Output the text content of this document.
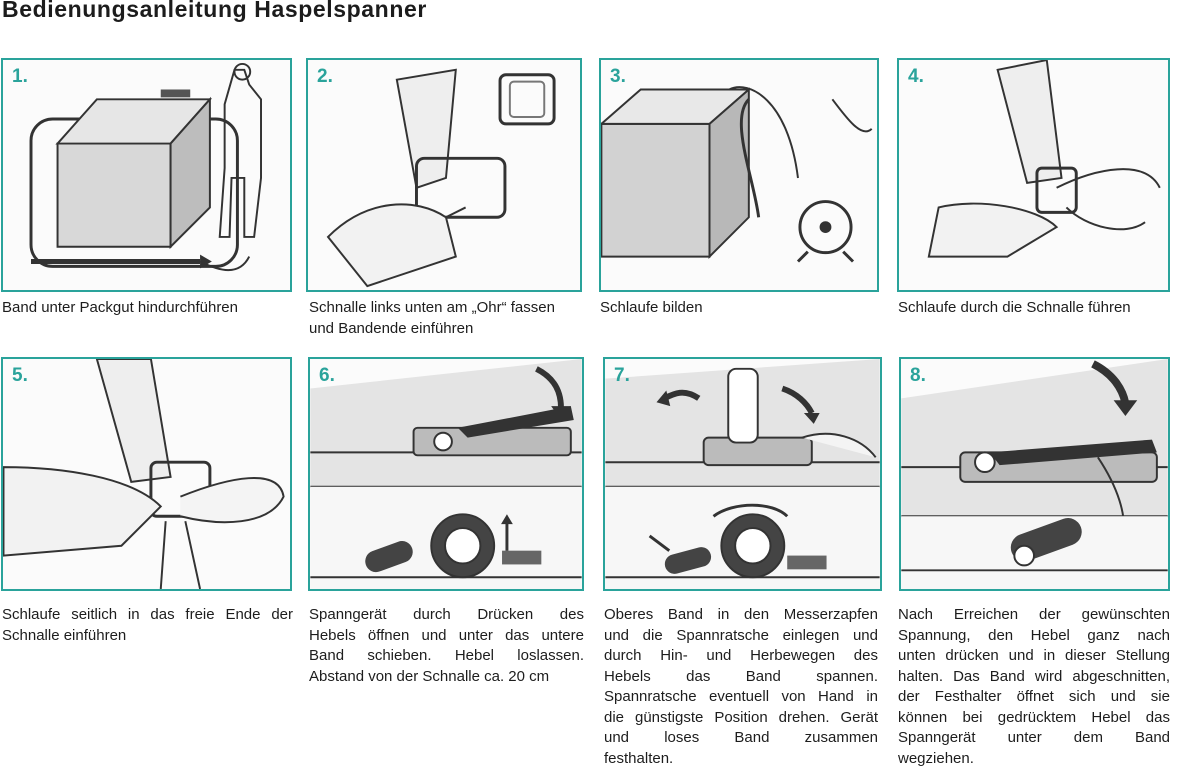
Bedienungsanleitung Haspelspanner
1.	2.	3.	4.
Band unter Packgut hindurchführen	Schnalle links unten am „Ohr“ fassen
und Bandende einführen
Schlaufe bilden	Schlaufe durch die Schnalle führen
5.	6.	7.	8.
Schlaufe seitlich in das freie Ende der
Schnalle einführen
Spanngerät durch Drücken des
Hebels öffnen und unter das untere
Band schieben. Hebel loslassen.
Abstand von der Schnalle ca. 20 cm
Oberes Band in den Messerzapfen
und die Spannratsche einlegen und
durch Hin- und Herbewegen des
Hebels das Band spannen.
Spannratsche eventuell von Hand in
die günstigste Position drehen. Gerät
und loses Band zusammen
festhalten.
Nach Erreichen der gewünschten
Spannung, den Hebel ganz nach
unten drücken und in dieser Stellung
halten. Das Band wird abgeschnitten,
der Festhalter öffnet sich und sie
können bei gedrücktem Hebel das
Spanngerät unter dem Band
wegziehen.
